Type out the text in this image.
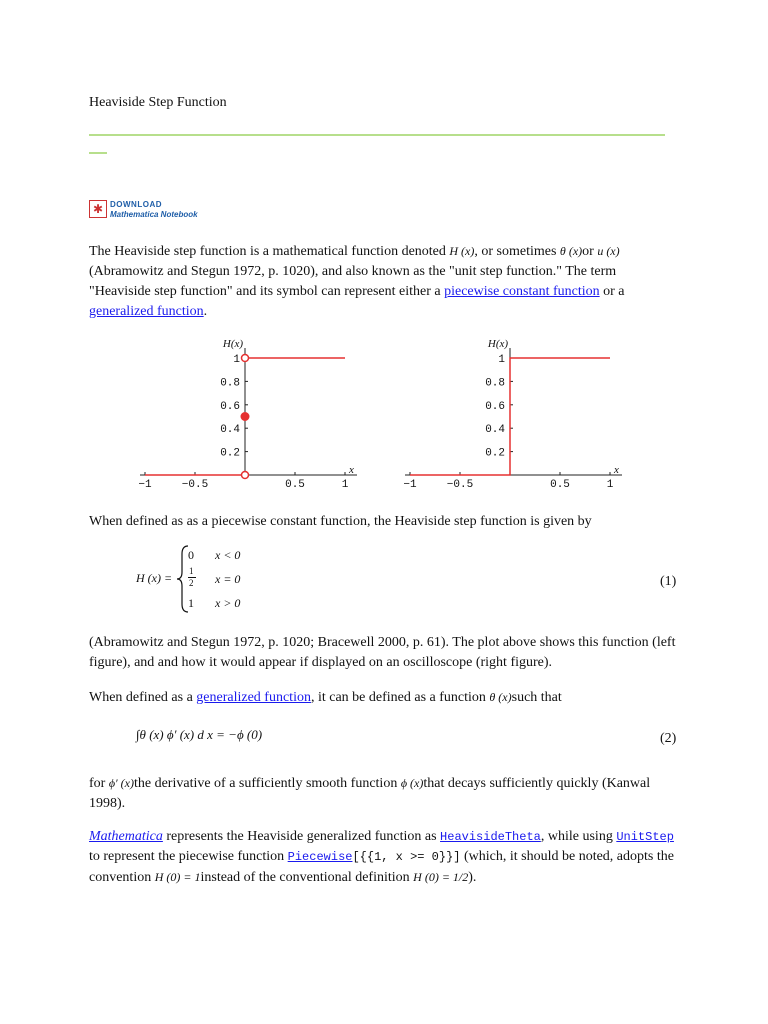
Heaviside Step Function
✱ DOWNLOAD
Mathematica Notebook
The Heaviside step function is a mathematical function denoted H (x), or sometimes θ (x)or u (x) (Abramowitz and Stegun 1972, p. 1020), and also known as the "unit step function." The term "Heaviside step function" and its symbol can represent either a piecewise constant function or a generalized function.
−1	−0.5	0.5	1
0.2
0.4
0.6
0.8
1
H(x)
x
−1	−0.5	0.5	1
0.2
0.4
0.6
0.8
1
H(x)
x
When defined as as a piecewise constant function, the Heaviside step function is given by
H (x) =
0 x < 0
1
2 x = 0
1 x > 0
(1)
(Abramowitz and Stegun 1972, p. 1020; Bracewell 2000, p. 61). The plot above shows this function (left figure), and and how it would appear if displayed on an oscilloscope (right figure).
When defined as a generalized function, it can be defined as a function θ (x)such that
∫θ (x) ϕ′ (x) d x = −ϕ (0)	(2)
for ϕ′ (x)the derivative of a sufficiently smooth function ϕ (x)that decays sufficiently quickly (Kanwal 1998).
Mathematica represents the Heaviside generalized function as HeavisideTheta, while using UnitStep to represent the piecewise function Piecewise[{{1, x >= 0}}] (which, it should be noted, adopts the convention H (0) = 1instead of the conventional definition H (0) = 1/2).
